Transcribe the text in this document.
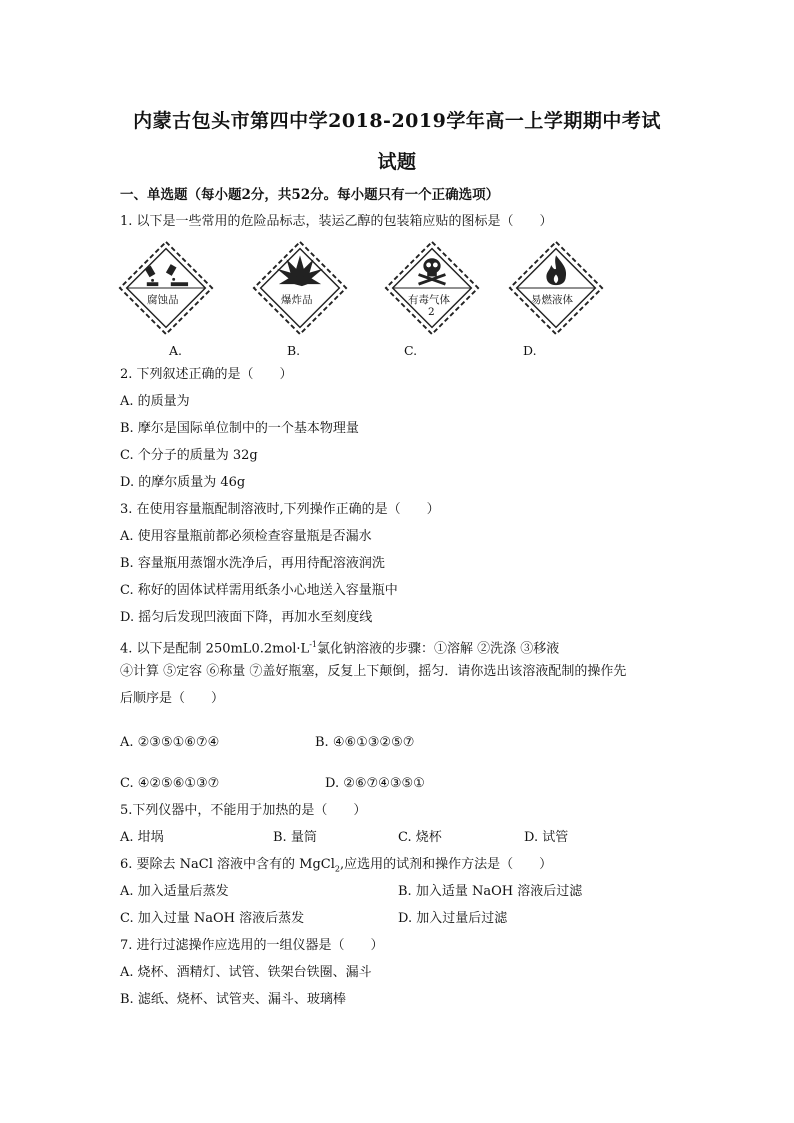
内蒙古包头市第四中学2018-2019学年高一上学期期中考试
试题
一、单选题（每小题2分，共52分。每小题只有一个正确选项）
1. 以下是一些常用的危险品标志，装运乙醇的包装箱应贴的图标是（　　）
腐蚀品
A.
爆炸品
B.
有毒气体
2
C.
易燃液体
D.
2. 下列叙述正确的是（　　）
A. 的质量为
B. 摩尔是国际单位制中的一个基本物理量
C. 个分子的质量为 32g
D. 的摩尔质量为 46g
3. 在使用容量瓶配制溶液时,下列操作正确的是（　　）
A. 使用容量瓶前都必须检查容量瓶是否漏水
B. 容量瓶用蒸馏水洗净后，再用待配溶液润洗
C. 称好的固体试样需用纸条小心地送入容量瓶中
D. 摇匀后发现凹液面下降，再加水至刻度线
4. 以下是配制 $250mL0.2mol\cdot L^{-1}$氯化钠溶液的步骤：①溶解 ②洗涤 ③移液
④计算 ⑤定容 ⑥称量 ⑦盖好瓶塞，反复上下颠倒，摇匀．请你选出该溶液配制的操作先
后顺序是（　　）
A. ②③⑤①⑥⑦④	B. ④⑥①③②⑤⑦
C. ④②⑤⑥①③⑦	D. ②⑥⑦④③⑤①
5.下列仪器中，不能用于加热的是（　　）
A. 坩埚	B. 量筒	C. 烧杯	D. 试管
6. 要除去 NaCl 溶液中含有的 MgCl$_2$,应选用的试剂和操作方法是（　　）
A. 加入适量后蒸发	B. 加入适量 NaOH 溶液后过滤
C. 加入过量 NaOH 溶液后蒸发	D. 加入过量后过滤
7. 进行过滤操作应选用的一组仪器是（　　）
A. 烧杯、酒精灯、试管、铁架台铁圈、漏斗
B. 滤纸、烧杯、试管夹、漏斗、玻璃棒
